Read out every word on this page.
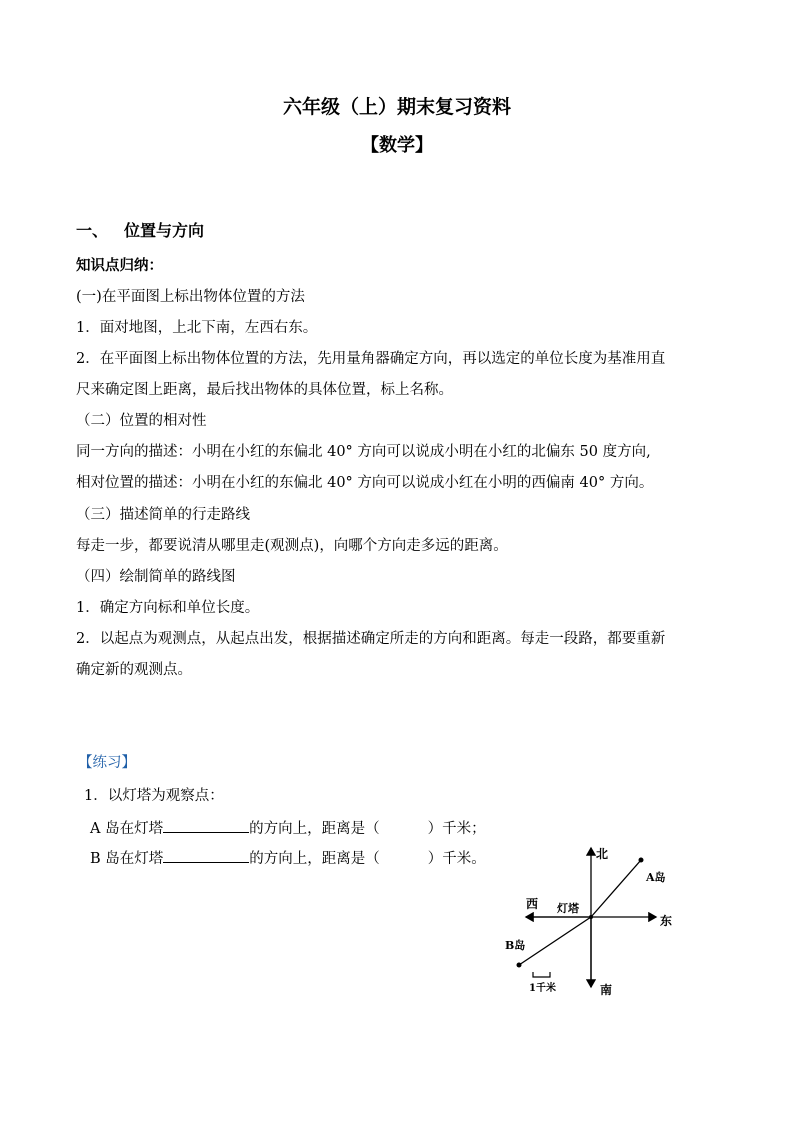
六年级（上）期末复习资料
【数学】
一、 位置与方向
知识点归纳：
(一)在平面图上标出物体位置的方法
1．面对地图，上北下南，左西右东。
2．在平面图上标出物体位置的方法，先用量角器确定方向，再以选定的单位长度为基准用直
尺来确定图上距离，最后找出物体的具体位置，标上名称。
（二）位置的相对性
同一方向的描述：小明在小红的东偏北 40° 方向可以说成小明在小红的北偏东 50 度方向,
相对位置的描述：小明在小红的东偏北 40° 方向可以说成小红在小明的西偏南 40° 方向。
（三）描述简单的行走路线
每走一步，都要说清从哪里走(观测点)，向哪个方向走多远的距离。
（四）绘制简单的路线图
1．确定方向标和单位长度。
2．以起点为观测点，从起点出发，根据描述确定所走的方向和距离。每走一段路，都要重新
确定新的观测点。
【练习】
1．以灯塔为观察点：
A 岛在灯塔	的方向上，距离是（	）千米；
B 岛在灯塔	的方向上，距离是（	）千米。	北
南
东
西 灯塔
A岛
B岛
1千米
